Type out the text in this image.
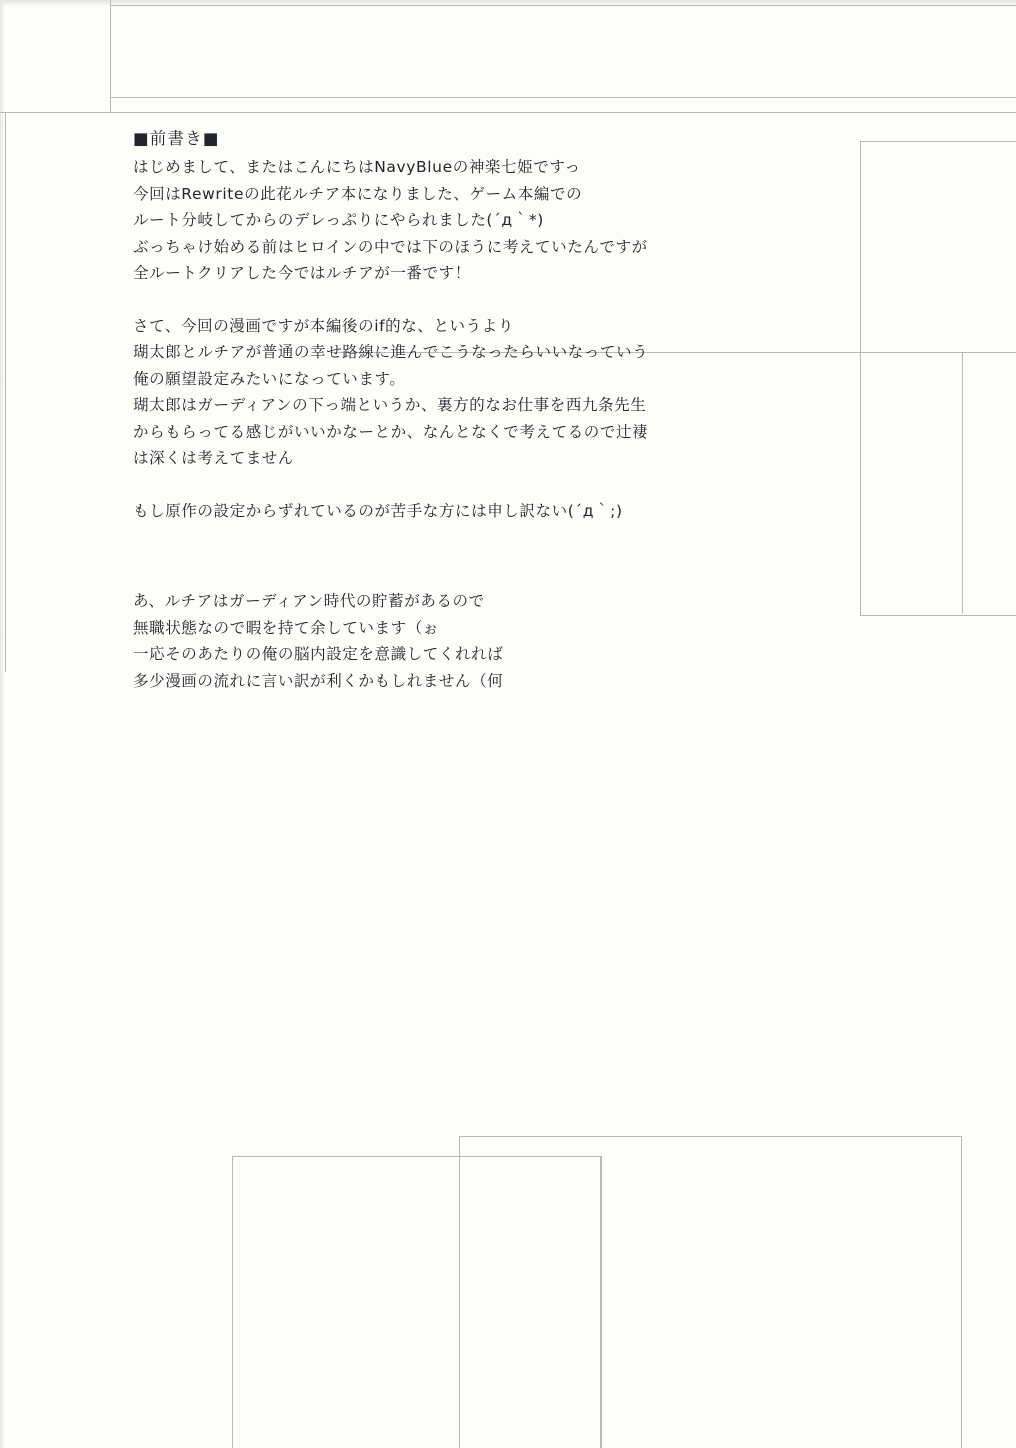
■前書き■

はじめまして、またはこんにちはNavyBlueの神楽七姫ですっ

今回はRewriteの此花ルチア本になりました、ゲーム本編での

ルート分岐してからのデレっぷりにやられました(´д｀*)

ぶっちゃけ始める前はヒロインの中では下のほうに考えていたんですが

全ルートクリアした今ではルチアが一番です！

さて、今回の漫画ですが本編後のif的な、というより

瑚太郎とルチアが普通の幸せ路線に進んでこうなったらいいなっていう

俺の願望設定みたいになっています。

瑚太郎はガーディアンの下っ端というか、裏方的なお仕事を西九条先生

からもらってる感じがいいかなーとか、なんとなくで考えてるので辻褄

は深くは考えてません

もし原作の設定からずれているのが苦手な方には申し訳ない(´д｀;)

あ、ルチアはガーディアン時代の貯蓄があるので

無職状態なので暇を持て余しています（ぉ

一応そのあたりの俺の脳内設定を意識してくれれば

多少漫画の流れに言い訳が利くかもしれません（何
